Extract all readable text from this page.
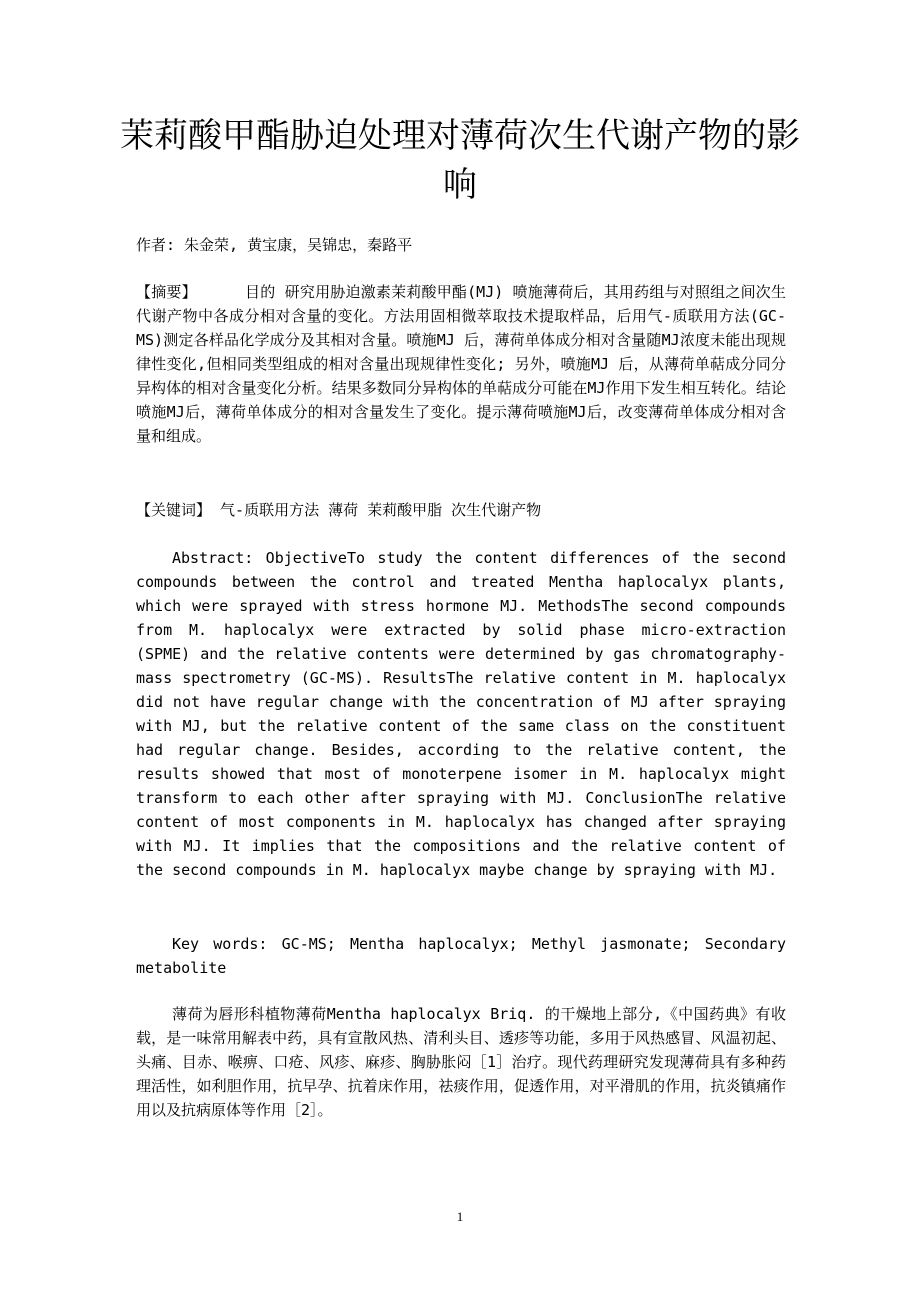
茉莉酸甲酯胁迫处理对薄荷次生代谢产物的影响
作者: 朱金荣, 黄宝康，吴锦忠，秦路平

【摘要】	目的 研究用胁迫激素茉莉酸甲酯(MJ) 喷施薄荷后，其用药组与对照组之间次生代谢产物中各成分相对含量的变化。方法用固相微萃取技术提取样品，后用气-质联用方法(GC-MS)测定各样品化学成分及其相对含量。喷施MJ 后，薄荷单体成分相对含量随MJ浓度未能出现规律性变化,但相同类型组成的相对含量出现规律性变化; 另外，喷施MJ 后，从薄荷单萜成分同分异构体的相对含量变化分析。结果多数同分异构体的单萜成分可能在MJ作用下发生相互转化。结论喷施MJ后，薄荷单体成分的相对含量发生了变化。提示薄荷喷施MJ后，改变薄荷单体成分相对含量和组成。

【关键词】 气-质联用方法 薄荷 茉莉酸甲脂 次生代谢产物

Abstract: ObjectiveTo study the content differences of the second compounds between the control and treated Mentha haplocalyx plants, which were sprayed with stress hormone MJ. MethodsThe second compounds from M. haplocalyx were extracted by solid phase micro-extraction (SPME) and the relative contents were determined by gas chromatography-mass spectrometry (GC-MS). ResultsThe relative content in M. haplocalyx did not have regular change with the concentration of MJ after spraying with MJ, but the relative content of the same class on the constituent had regular change. Besides, according to the relative content, the results showed that most of monoterpene isomer in M. haplocalyx might transform to each other after spraying with MJ. ConclusionThe relative content of most components in M. haplocalyx has changed after spraying with MJ. It implies that the compositions and the relative content of the second compounds in M. haplocalyx maybe change by spraying with MJ.

Key words: GC-MS; Mentha haplocalyx; Methyl jasmonate; Secondary metabolite

薄荷为唇形科植物薄荷Mentha haplocalyx Briq. 的干燥地上部分,《中国药典》有收载，是一味常用解表中药，具有宣散风热、清利头目、透疹等功能，多用于风热感冒、风温初起、头痛、目赤、喉痹、口疮、风疹、麻疹、胸胁胀闷［1］治疗。现代药理研究发现薄荷具有多种药理活性，如利胆作用，抗早孕、抗着床作用，祛痰作用，促透作用，对平滑肌的作用，抗炎镇痛作用以及抗病原体等作用［2］。

1
